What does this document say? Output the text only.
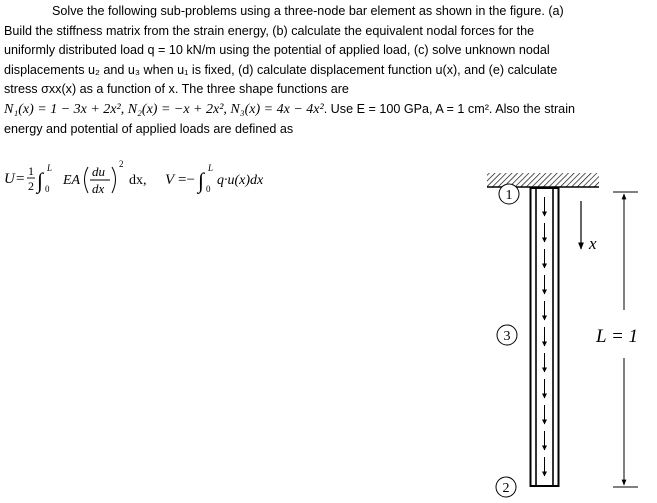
Solve the following sub-problems using a three-node bar element as shown in the figure. (a)
Build the stiffness matrix from the strain energy, (b) calculate the equivalent nodal forces for the
uniformly distributed load q = 10 kN/m using the potential of applied load, (c) solve unknown nodal
displacements u₂ and u₃ when u₁ is fixed, (d) calculate displacement function u(x), and (e) calculate
stress σxx(x) as a function of x. The three shape functions are
N₁(x) = 1 − 3x + 2x², N₂(x) = −x + 2x², N₃(x) = 4x − 4x². Use E = 100 GPa, A = 1 cm². Also the strain
energy and potential of applied loads are defined as
U = 1
2 ∫ L
0
EA
du
dx
2
dx, V =− ∫ L
0
q·u(x)dx
1
3
2
x
L = 1
